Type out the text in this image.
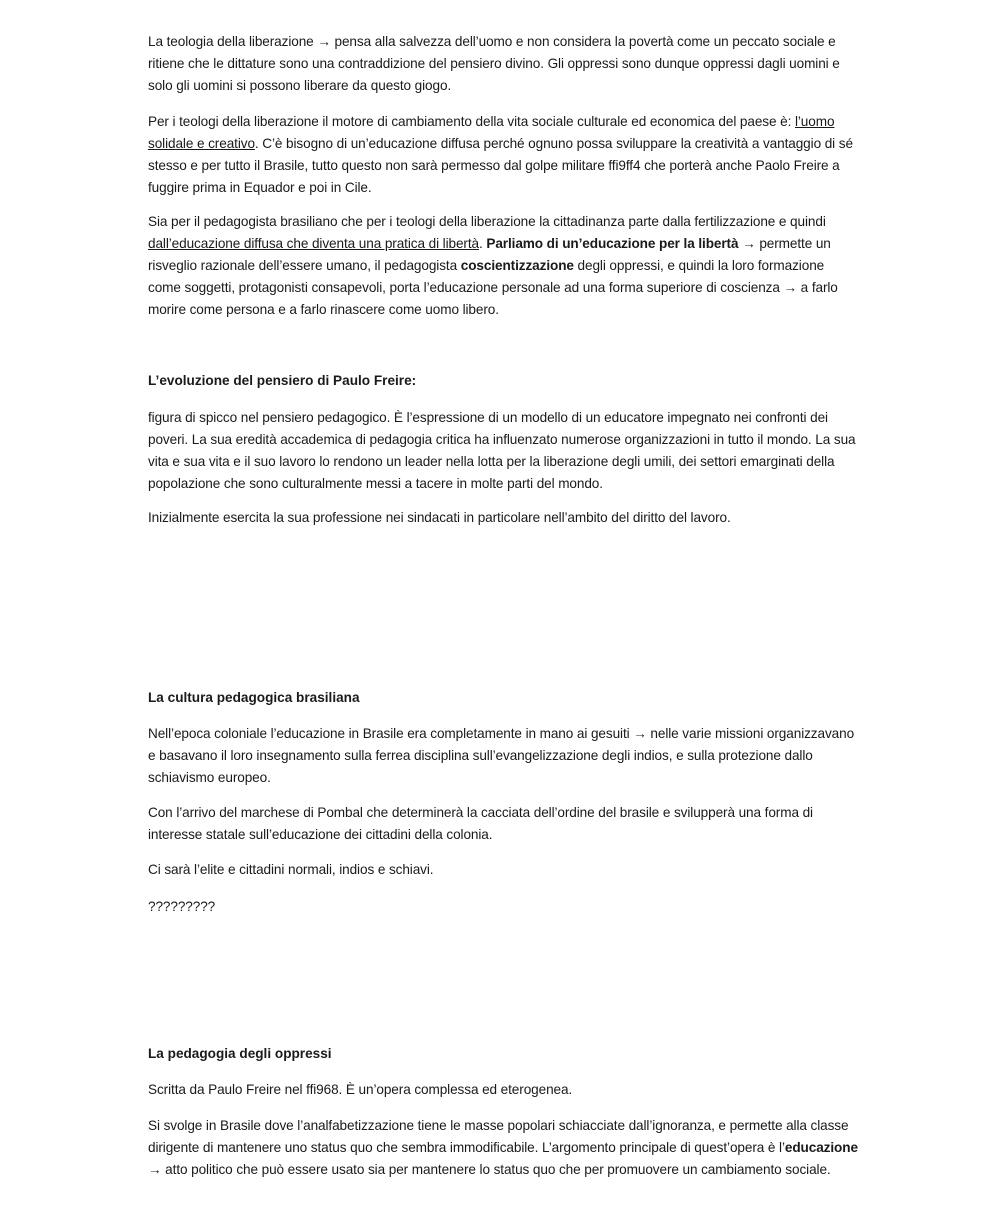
La teologia della liberazione → pensa alla salvezza dell’uomo e non considera la povertà come un peccato sociale e ritiene che le dittature sono una contraddizione del pensiero divino. Gli oppressi sono dunque oppressi dagli uomini e solo gli uomini si possono liberare da questo giogo.

Per i teologi della liberazione il motore di cambiamento della vita sociale culturale ed economica del paese è: l’uomo solidale e creativo. C’è bisogno di un’educazione diffusa perché ognuno possa sviluppare la creatività a vantaggio di sé stesso e per tutto il Brasile, tutto questo non sarà permesso dal golpe militare ffi9ff4 che porterà anche Paolo Freire a fuggire prima in Equador e poi in Cile.

Sia per il pedagogista brasiliano che per i teologi della liberazione la cittadinanza parte dalla fertilizzazione e quindi dall’educazione diffusa che diventa una pratica di libertà. Parliamo di un’educazione per la libertà → permette un risveglio razionale dell’essere umano, il pedagogista coscientizzazione degli oppressi, e quindi la loro formazione come soggetti, protagonisti consapevoli, porta l’educazione personale ad una forma superiore di coscienza → a farlo morire come persona e a farlo rinascere come uomo libero.

L’evoluzione del pensiero di Paulo Freire:

figura di spicco nel pensiero pedagogico. È l’espressione di un modello di un educatore impegnato nei confronti dei poveri. La sua eredità accademica di pedagogia critica ha influenzato numerose organizzazioni in tutto il mondo. La sua vita e sua vita e il suo lavoro lo rendono un leader nella lotta per la liberazione degli umili, dei settori emarginati della popolazione che sono culturalmente messi a tacere in molte parti del mondo.

Inizialmente esercita la sua professione nei sindacati in particolare nell’ambito del diritto del lavoro.

La cultura pedagogica brasiliana

Nell’epoca coloniale l’educazione in Brasile era completamente in mano ai gesuiti → nelle varie missioni organizzavano e basavano il loro insegnamento sulla ferrea disciplina sull’evangelizzazione degli indios, e sulla protezione dallo schiavismo europeo.

Con l’arrivo del marchese di Pombal che determinerà la cacciata dell’ordine del brasile e svilupperà una forma di interesse statale sull’educazione dei cittadini della colonia.

Ci sarà l’elite e cittadini normali, indios e schiavi.

?????????

La pedagogia degli oppressi

Scritta da Paulo Freire nel ffi968. È un’opera complessa ed eterogenea.

Si svolge in Brasile dove l’analfabetizzazione tiene le masse popolari schiacciate dall’ignoranza, e permette alla classe dirigente di mantenere uno status quo che sembra immodificabile. L’argomento principale di quest’opera è l’educazione → atto politico che può essere usato sia per mantenere lo status quo che per promuovere un cambiamento sociale.
